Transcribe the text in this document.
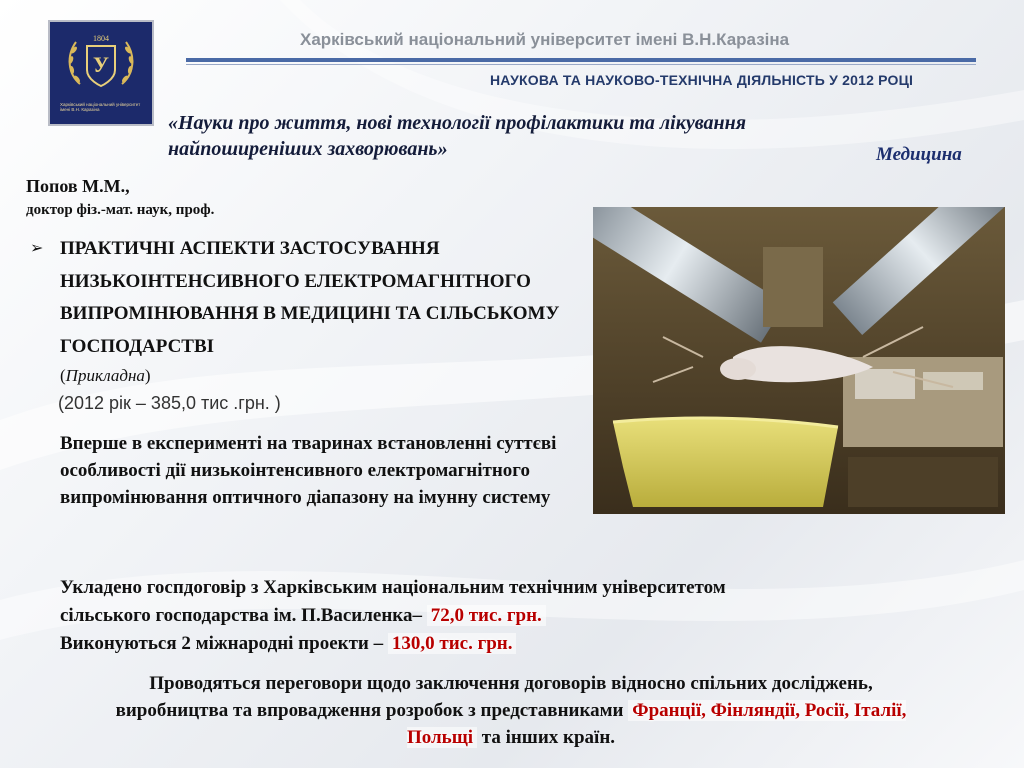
1804
У
Харківський національний університет імені В.Н. Каразіна
Харківський національний університет імені В.Н.Каразіна
НАУКОВА ТА НАУКОВО-ТЕХНІЧНА ДІЯЛЬНІСТЬ У 2012 РОЦІ
«Науки про життя, нові технології профілактики та лікування найпоширеніших захворювань»	Медицина
Попов М.М.,
доктор фіз.-мат. наук, проф.
➢ ПРАКТИЧНІ АСПЕКТИ ЗАСТОСУВАННЯ НИЗЬКОІНТЕНСИВНОГО ЕЛЕКТРОМАГНІТНОГО ВИПРОМІНЮВАННЯ В МЕДИЦИНІ ТА СІЛЬСЬКОМУ ГОСПОДАРСТВІ
(Прикладна)
(2012 рік – 385,0 тис .грн. )
Вперше в експерименті на тваринах встановленні суттєві особливості дії низькоінтенсивного електромагнітного випромінювання оптичного діапазону на імунну систему
Укладено госпдоговір з Харківським національним технічним університетом
сільського господарства ім. П.Василенка– 72,0 тис. грн.
Виконуються 2 міжнародні проекти – 130,0 тис. грн.
Проводяться переговори щодо заключення договорів відносно спільних досліджень, виробництва та впровадження розробок з представниками Франції, Фінляндії, Росії, Італії, Польщі та інших країн.
